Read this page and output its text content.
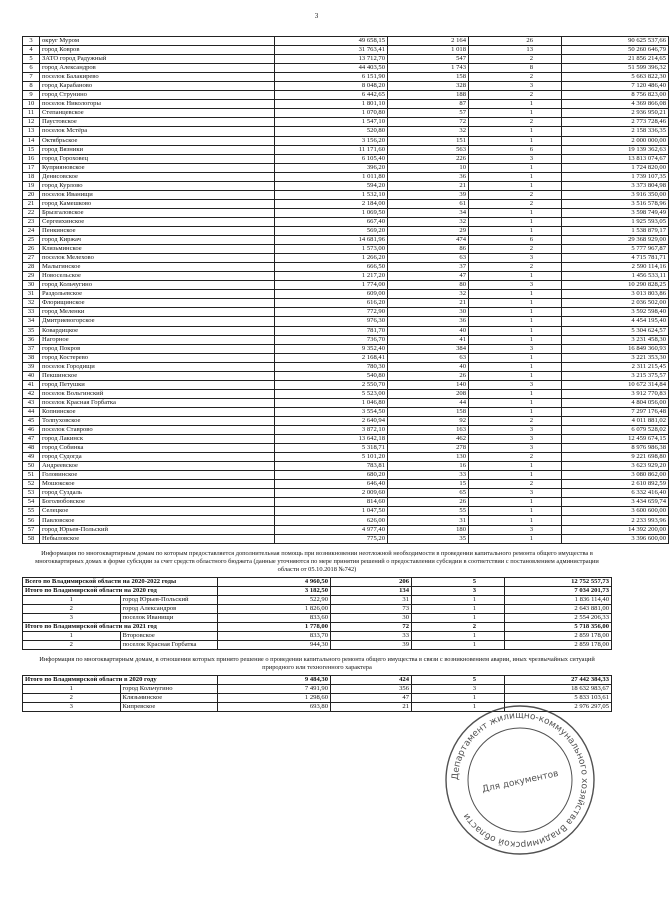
3
3	округ Муром	49 658,15	2 164	26	90 625 537,66
4	город Ковров	31 763,41	1 018	13	50 260 646,79
5	ЗАТО город Радужный	13 712,70	547	2	21 856 214,65
6	город Александров	44 403,50	1 743	8	51 599 396,32
7	поселок Балакирево	6 151,90	158	2	5 663 822,30
8	город Карабаново	8 048,20	328	3	7 120 486,40
9	город Струнино	6 442,65	188	2	8 756 823,00
10	поселок Никологоры	1 801,10	87	1	4 369 866,08
11	Степанцевское	1 070,80	57	1	2 936 950,21
12	Паустовское	1 547,10	72	2	2 773 728,46
13	поселок Мстёра	520,80	32	1	2 158 336,35
14	Октябрьское	3 156,20	151	1	2 000 000,00
15	город Вязники	11 171,60	563	6	19 139 362,63
16	город Гороховец	6 105,40	226	3	13 813 074,67
17	Куприяновское	396,20	10	1	1 724 820,00
18	Денисовское	1 011,80	36	1	1 739 107,35
19	город Курлово	594,20	21	1	3 373 804,98
20	поселок Иванищи	1 532,10	39	2	3 916 350,00
21	город Камешково	2 184,00	61	2	3 516 578,96
22	Брызгаловское	1 069,50	34	1	3 598 749,49
23	Сергеихинское	667,40	32	1	1 925 593,05
24	Пенкинское	569,20	29	1	1 538 879,17
25	город Киржач	14 681,96	474	6	29 368 929,00
26	Клязьминское	1 573,00	86	2	5 777 967,87
27	поселок Мелехово	1 266,20	63	3	4 715 781,71
28	Малыгинское	666,50	37	2	2 590 114,16
29	Новосельское	1 217,20	47	1	1 456 533,11
30	город Кольчугино	1 774,00	80	3	10 290 828,25
31	Раздольевское	609,00	32	1	3 013 803,86
32	Флорищинское	616,20	21	1	2 036 502,00
33	город Меленки	772,90	30	1	3 592 598,40
34	Дмитриевогорское	976,30	36	1	4 454 195,40
35	Ковардицкое	781,70	40	1	5 304 624,57
36	Нагорное	736,70	41	1	3 231 458,30
37	город Покров	9 352,40	384	3	16 849 360,93
38	город Костерево	2 168,41	63	1	3 221 353,30
39	поселок Городищи	780,30	40	1	2 311 215,45
40	Пекшинское	540,80	26	1	3 215 375,57
41	город Петушки	2 550,70	140	3	10 672 314,84
42	поселок Вольгинский	5 523,00	208	1	3 912 770,83
43	поселок Красная Горбатка	1 046,80	44	1	4 804 056,00
44	Копнинское	3 554,50	158	1	7 297 176,48
45	Толпуховское	2 640,94	92	2	4 011 881,02
46	поселок Ставрово	3 872,10	163	3	6 079 528,02
47	город Лакинск	13 642,18	462	3	12 459 674,15
48	город Собинка	5 318,71	278	3	8 976 986,38
49	город Судогда	5 101,20	130	2	9 221 698,80
50	Андреевское	783,81	16	1	3 623 929,20
51	Головинское	680,20	33	1	3 080 862,00
52	Мошокское	646,40	15	2	2 610 892,59
53	город Суздаль	2 009,60	65	3	6 332 416,40
54	Боголюбовское	814,60	26	1	3 434 659,74
55	Селецкое	1 047,50	55	1	3 600 600,00
56	Павловское	626,00	31	1	2 233 993,96
57	город Юрьев-Польский	4 977,40	180	3	14 392 200,00
58	Небыловское	775,20	35	1	3 396 600,00
Информация по многоквартирным домам по которым предоставляется дополнительная помощь при возникновении неотложной необходимости в проведении капитального ремонта общего имущества в многоквартирных домах в форме субсидии за счет средств областного бюджета (данные уточняются по мере принятия решений о предоставлении субсидии в соответствии с постановлением администрации области от 05.10.2018 №742)
Всего по Владимирской области на 2020-2022 годы		4 960,50	206	5	12 752 557,73
Итого по Владимирской области на 2020 год		3 182,50	134	3	7 034 201,73
1	город Юрьев-Польский	522,90	31	1	1 836 114,40
2	город Александров	1 826,00	73	1	2 643 881,00
3	поселок Иванищи	833,60	30	1	2 554 206,33
Итого по Владимирской области на 2021 год		1 778,00	72	2	5 718 356,00
1	Второвское	833,70	33	1	2 859 178,00
2	поселок Красная Горбатка	944,30	39	1	2 859 178,00
Информация по многоквартирным домам, в отношении которых принято решение о проведении капитального ремонта общего имущества в связи с возникновением аварии, иных чрезвычайных ситуаций природного или техногенного характера
Итого по Владимирской области в 2020 году		9 484,30	424	5	27 442 384,33
1	город Кольчугино	7 491,90	356	3	18 632 983,67
2	Клязьминское	1 298,60	47	1	5 833 103,61
3	Кипревское	693,80	21	1	2 976 297,05
Департамент жилищно-коммунального хозяйства Владимирской области
Для документов
